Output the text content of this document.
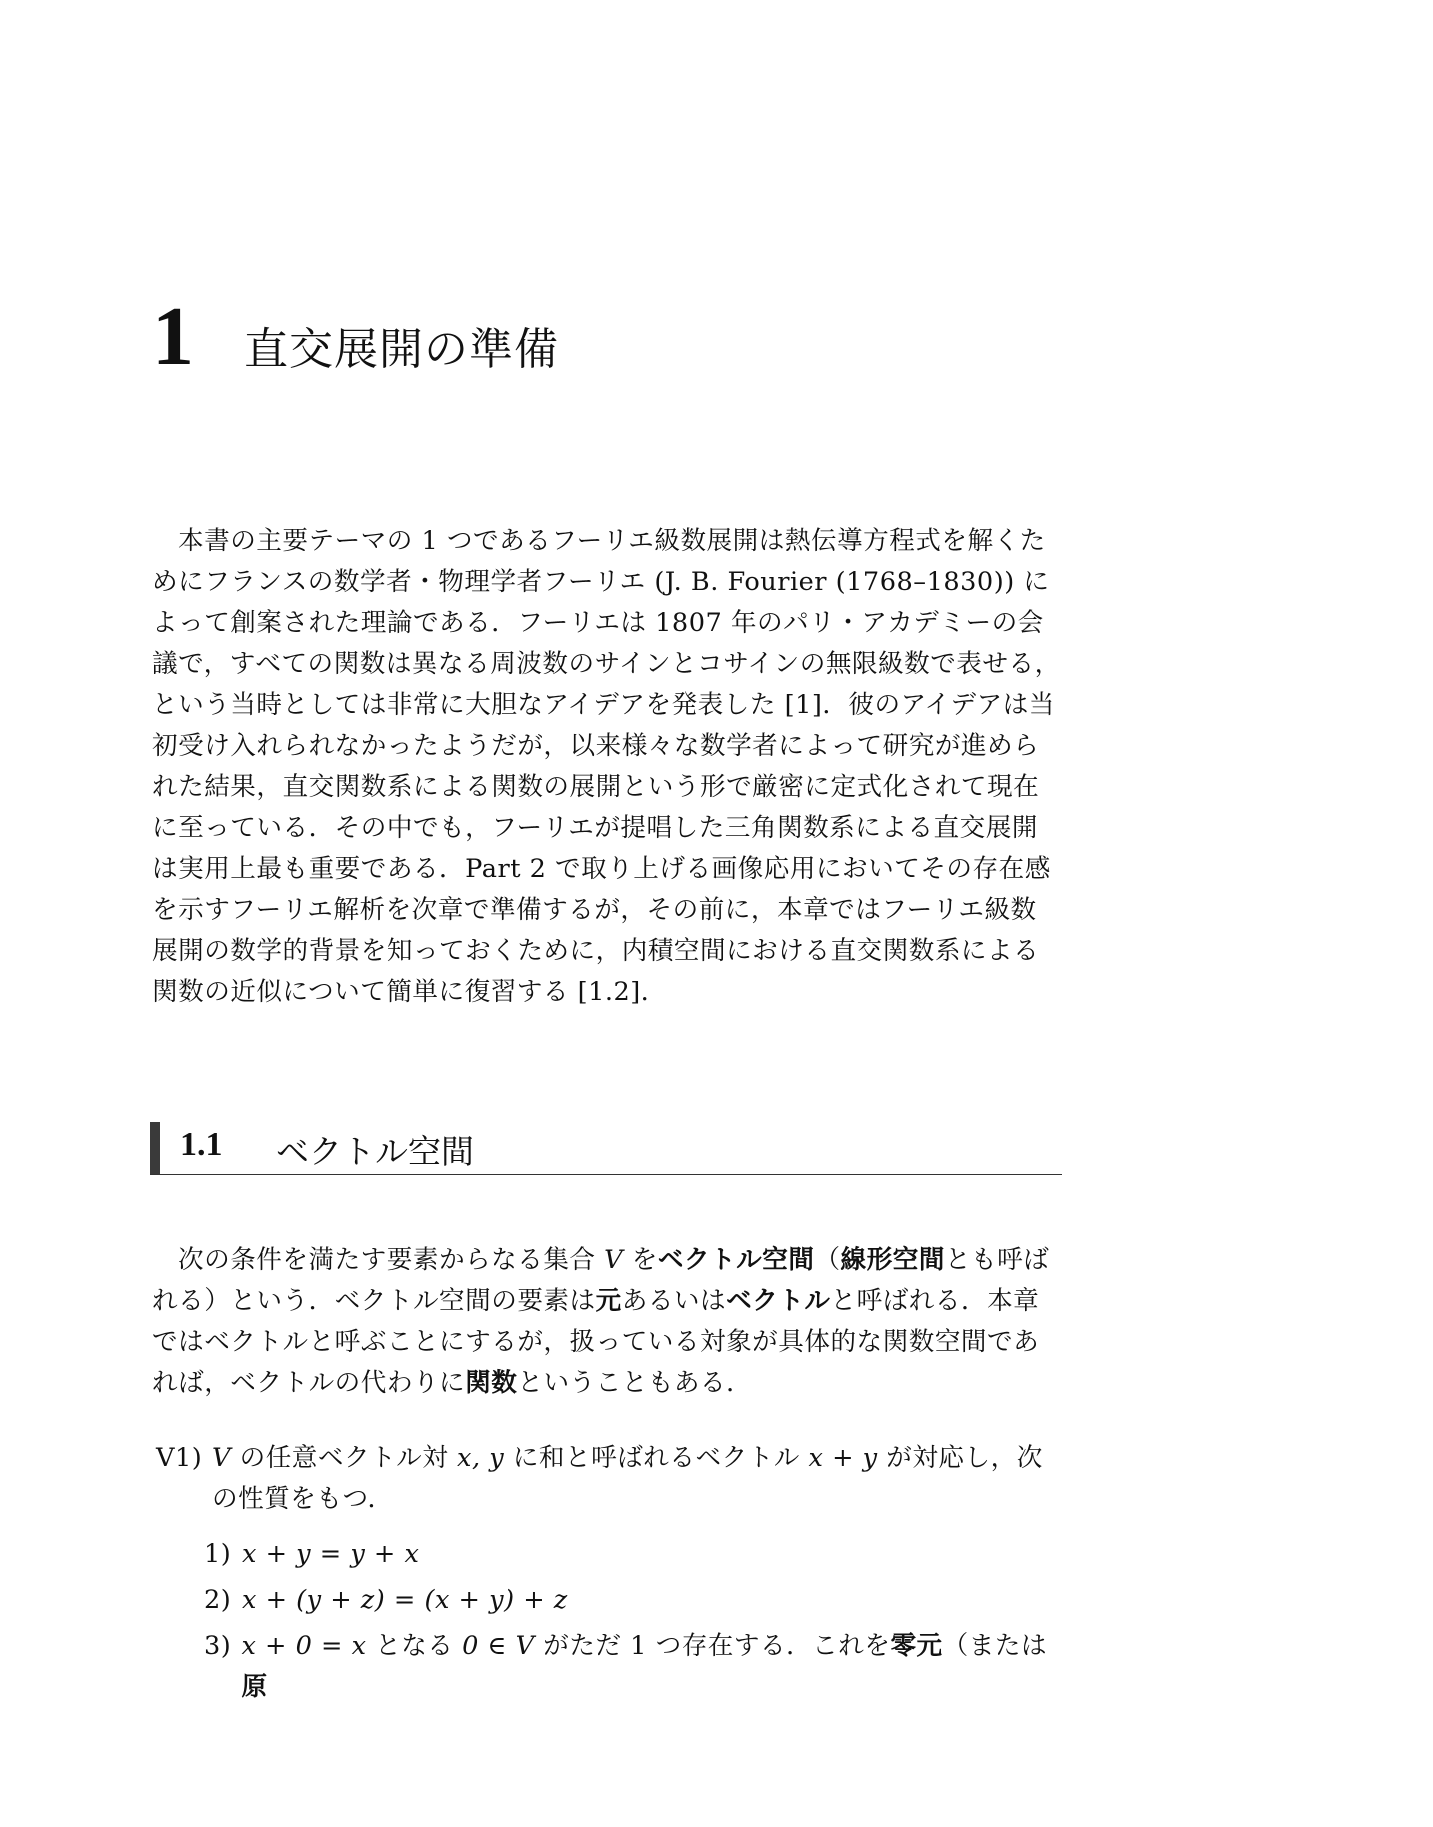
1	直交展開の準備

本書の主要テーマの 1 つであるフーリエ級数展開は熱伝導方程式を解くためにフランスの数学者・物理学者フーリエ (J. B. Fourier (1768–1830)) によって創案された理論である．フーリエは 1807 年のパリ・アカデミーの会議で，すべての関数は異なる周波数のサインとコサインの無限級数で表せる，という当時としては非常に大胆なアイデアを発表した [1]．彼のアイデアは当初受け入れられなかったようだが，以来様々な数学者によって研究が進められた結果，直交関数系による関数の展開という形で厳密に定式化されて現在に至っている．その中でも，フーリエが提唱した三角関数系による直交展開は実用上最も重要である．Part 2 で取り上げる画像応用においてその存在感を示すフーリエ解析を次章で準備するが，その前に，本章ではフーリエ級数展開の数学的背景を知っておくために，内積空間における直交関数系による関数の近似について簡単に復習する [1.2]．

1.1 ベクトル空間

次の条件を満たす要素からなる集合 V をベクトル空間（線形空間とも呼ばれる）という．ベクトル空間の要素は元あるいはベクトルと呼ばれる．本章ではベクトルと呼ぶことにするが，扱っている対象が具体的な関数空間であれば，ベクトルの代わりに関数ということもある．

V1) V の任意ベクトル対 x, y に和と呼ばれるベクトル x + y が対応し，次の性質をもつ．
1) x + y = y + x
2) x + (y + z) = (x + y) + z
3) x + 0 = x となる 0 ∈ V がただ 1 つ存在する．これを零元（または原
